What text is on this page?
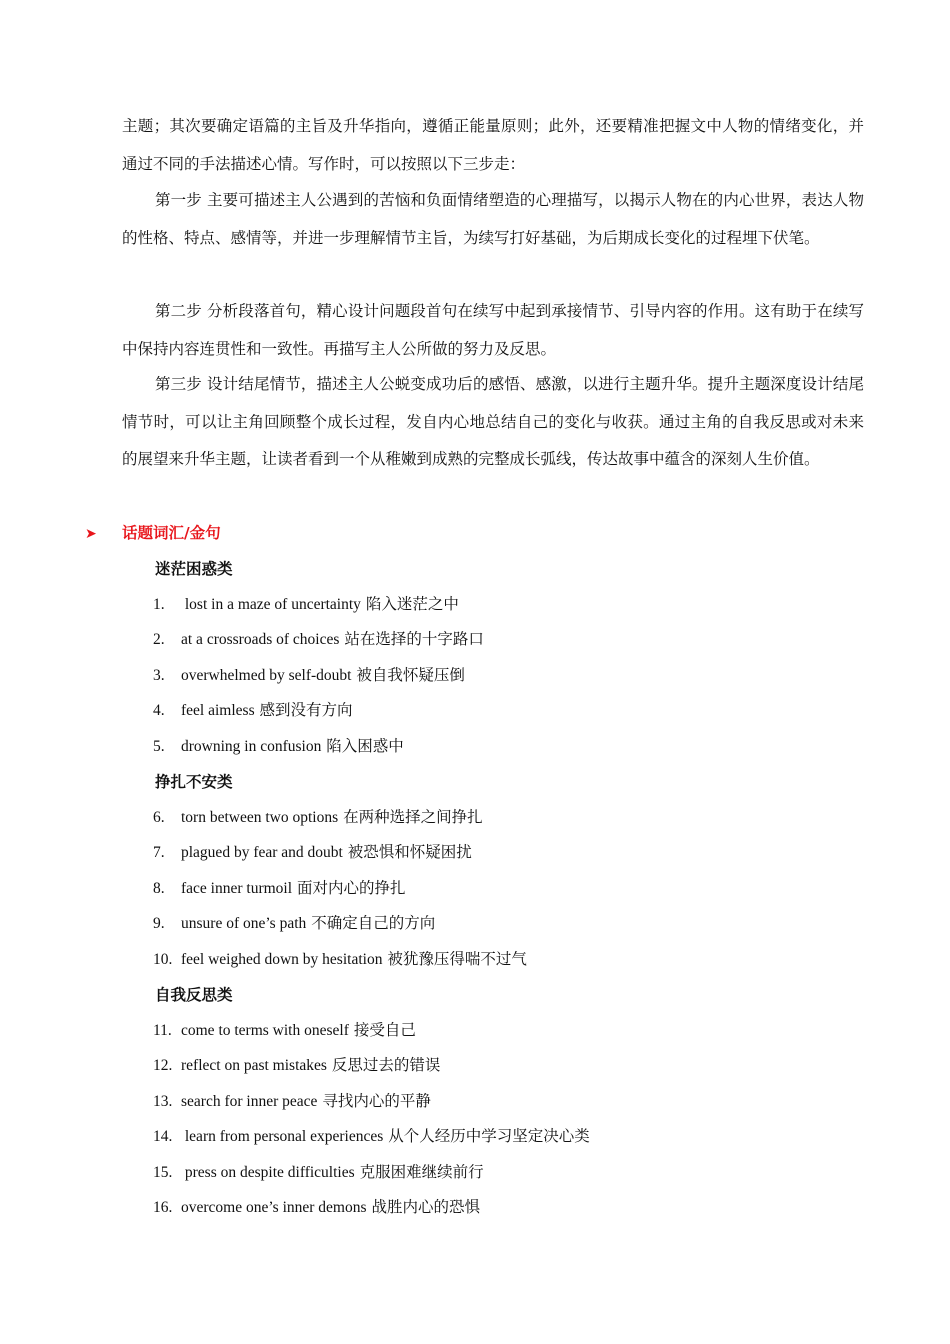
主题；其次要确定语篇的主旨及升华指向，遵循正能量原则；此外，还要精准把握文中人物的情绪变化，并通过不同的手法描述心情。写作时，可以按照以下三步走：

第一步 主要可描述主人公遇到的苦恼和负面情绪塑造的心理描写，以揭示人物在的内心世界，表达人物的性格、特点、感情等，并进一步理解情节主旨，为续写打好基础，为后期成长变化的过程埋下伏笔。

第二步 分析段落首句，精心设计问题段首句在续写中起到承接情节、引导内容的作用。这有助于在续写中保持内容连贯性和一致性。再描写主人公所做的努力及反思。

第三步 设计结尾情节，描述主人公蜕变成功后的感悟、感激，以进行主题升华。提升主题深度设计结尾情节时，可以让主角回顾整个成长过程，发自内心地总结自己的变化与收获。通过主角的自我反思或对未来的展望来升华主题，让读者看到一个从稚嫩到成熟的完整成长弧线，传达故事中蕴含的深刻人生价值。

➤ 话题词汇/金句
迷茫困惑类
1. lost in a maze of uncertainty 陷入迷茫之中
2. at a crossroads of choices 站在选择的十字路口
3. overwhelmed by self-doubt 被自我怀疑压倒
4. feel aimless 感到没有方向
5. drowning in confusion 陷入困惑中
挣扎不安类
6. torn between two options 在两种选择之间挣扎
7. plagued by fear and doubt 被恐惧和怀疑困扰
8. face inner turmoil 面对内心的挣扎
9. unsure of one’s path 不确定自己的方向
10. feel weighed down by hesitation 被犹豫压得喘不过气
自我反思类
11. come to terms with oneself 接受自己
12. reflect on past mistakes 反思过去的错误
13. search for inner peace 寻找内心的平静
14. learn from personal experiences 从个人经历中学习坚定决心类
15. press on despite difficulties 克服困难继续前行
16. overcome one’s inner demons 战胜内心的恐惧
